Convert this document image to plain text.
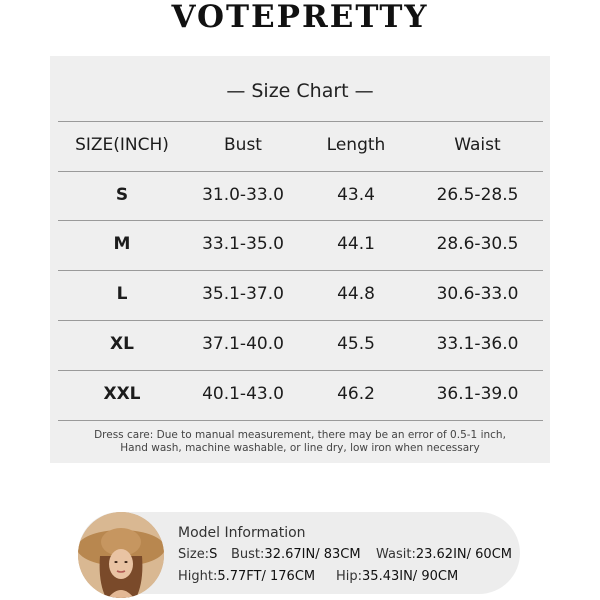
VOTEPRETTY
— Size Chart —
SIZE(INCH)	Bust	Length	Waist
S	31.0-33.0	43.4	26.5-28.5
M	33.1-35.0	44.1	28.6-30.5
L	35.1-37.0	44.8	30.6-33.0
XL	37.1-40.0	45.5	33.1-36.0
XXL	40.1-43.0	46.2	36.1-39.0
Dress care: Due to manual measurement, there may be an error of 0.5-1 inch,
Hand wash, machine washable, or line dry, low iron when necessary
Model Information
Size:S Bust:32.67IN/ 83CM Wasit:23.62IN/ 60CM
Hight:5.77FT/ 176CM Hip:35.43IN/ 90CM
